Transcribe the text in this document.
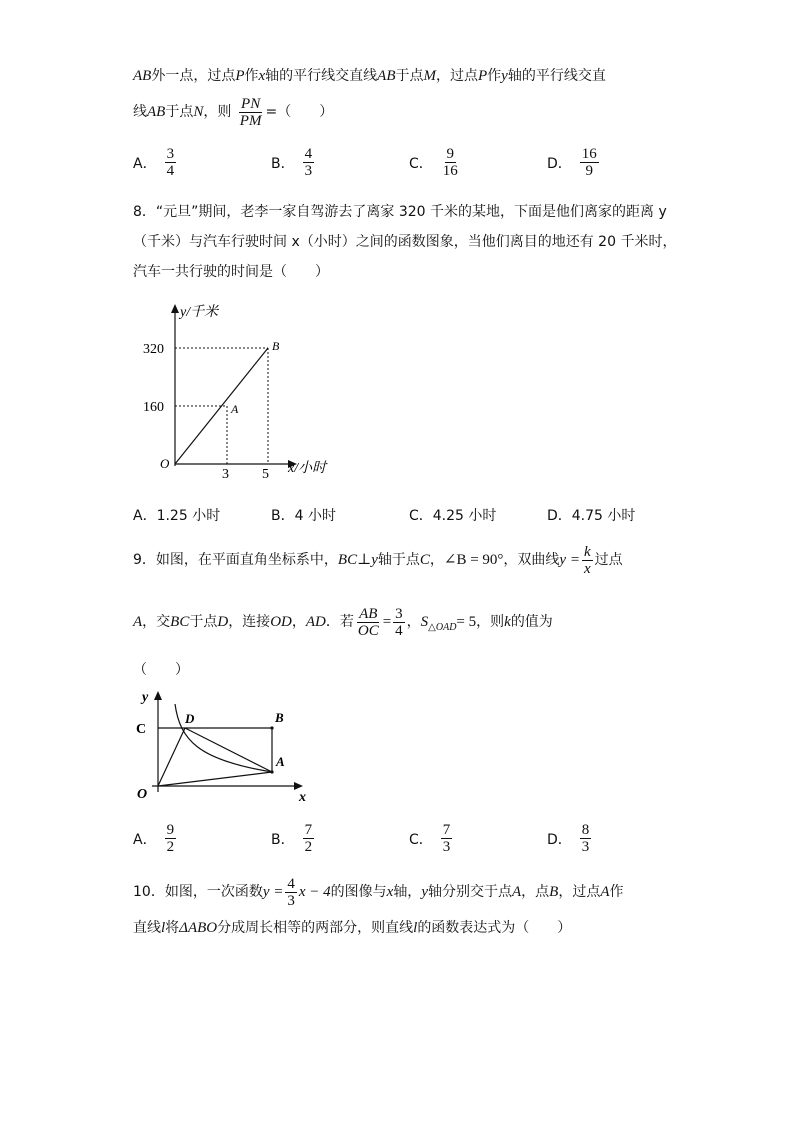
AB外一点，过点P作x轴的平行线交直线AB于点M，过点P作y轴的平行线交直
线AB于点N，则 $\frac{PN}{PM}$ =（　　）
A． $\frac{3}{4}$	B． $\frac{4}{3}$	C． $\frac{9}{16}$	D． $\frac{16}{9}$
8．“元旦”期间，老李一家自驾游去了离家 320 千米的某地，下面是他们离家的距离 y
（千米）与汽车行驶时间 x（小时）之间的函数图象，当他们离目的地还有 20 千米时，
汽车一共行驶的时间是（　　）
y/千米
x/小时
O
A
B
320
160
3 5
A．1.25 小时	B．4 小时	C．4.25 小时	D．4.75 小时
9．如图，在平面直角坐标系中，BC⊥y轴于点C，∠B = 90°，双曲线$y = \frac{k}{x}$ 过点
A，交BC于点D，连接OD，AD．若 $\frac{AB}{OC} = \frac{3}{4}$ ，$S_{\triangle OAD}= 5$，则k的值为
（　　）
y
x
C
D	B
A
O
A． $\frac{9}{2}$	B． $\frac{7}{2}$	C． $\frac{7}{3}$	D． $\frac{8}{3}$
10．如图，一次函数$y = \frac{4}{3}$ x − 4的图像与x轴，y轴分别交于点A，点B，过点A作
直线l将ΔABO分成周长相等的两部分，则直线l的函数表达式为（　　）
